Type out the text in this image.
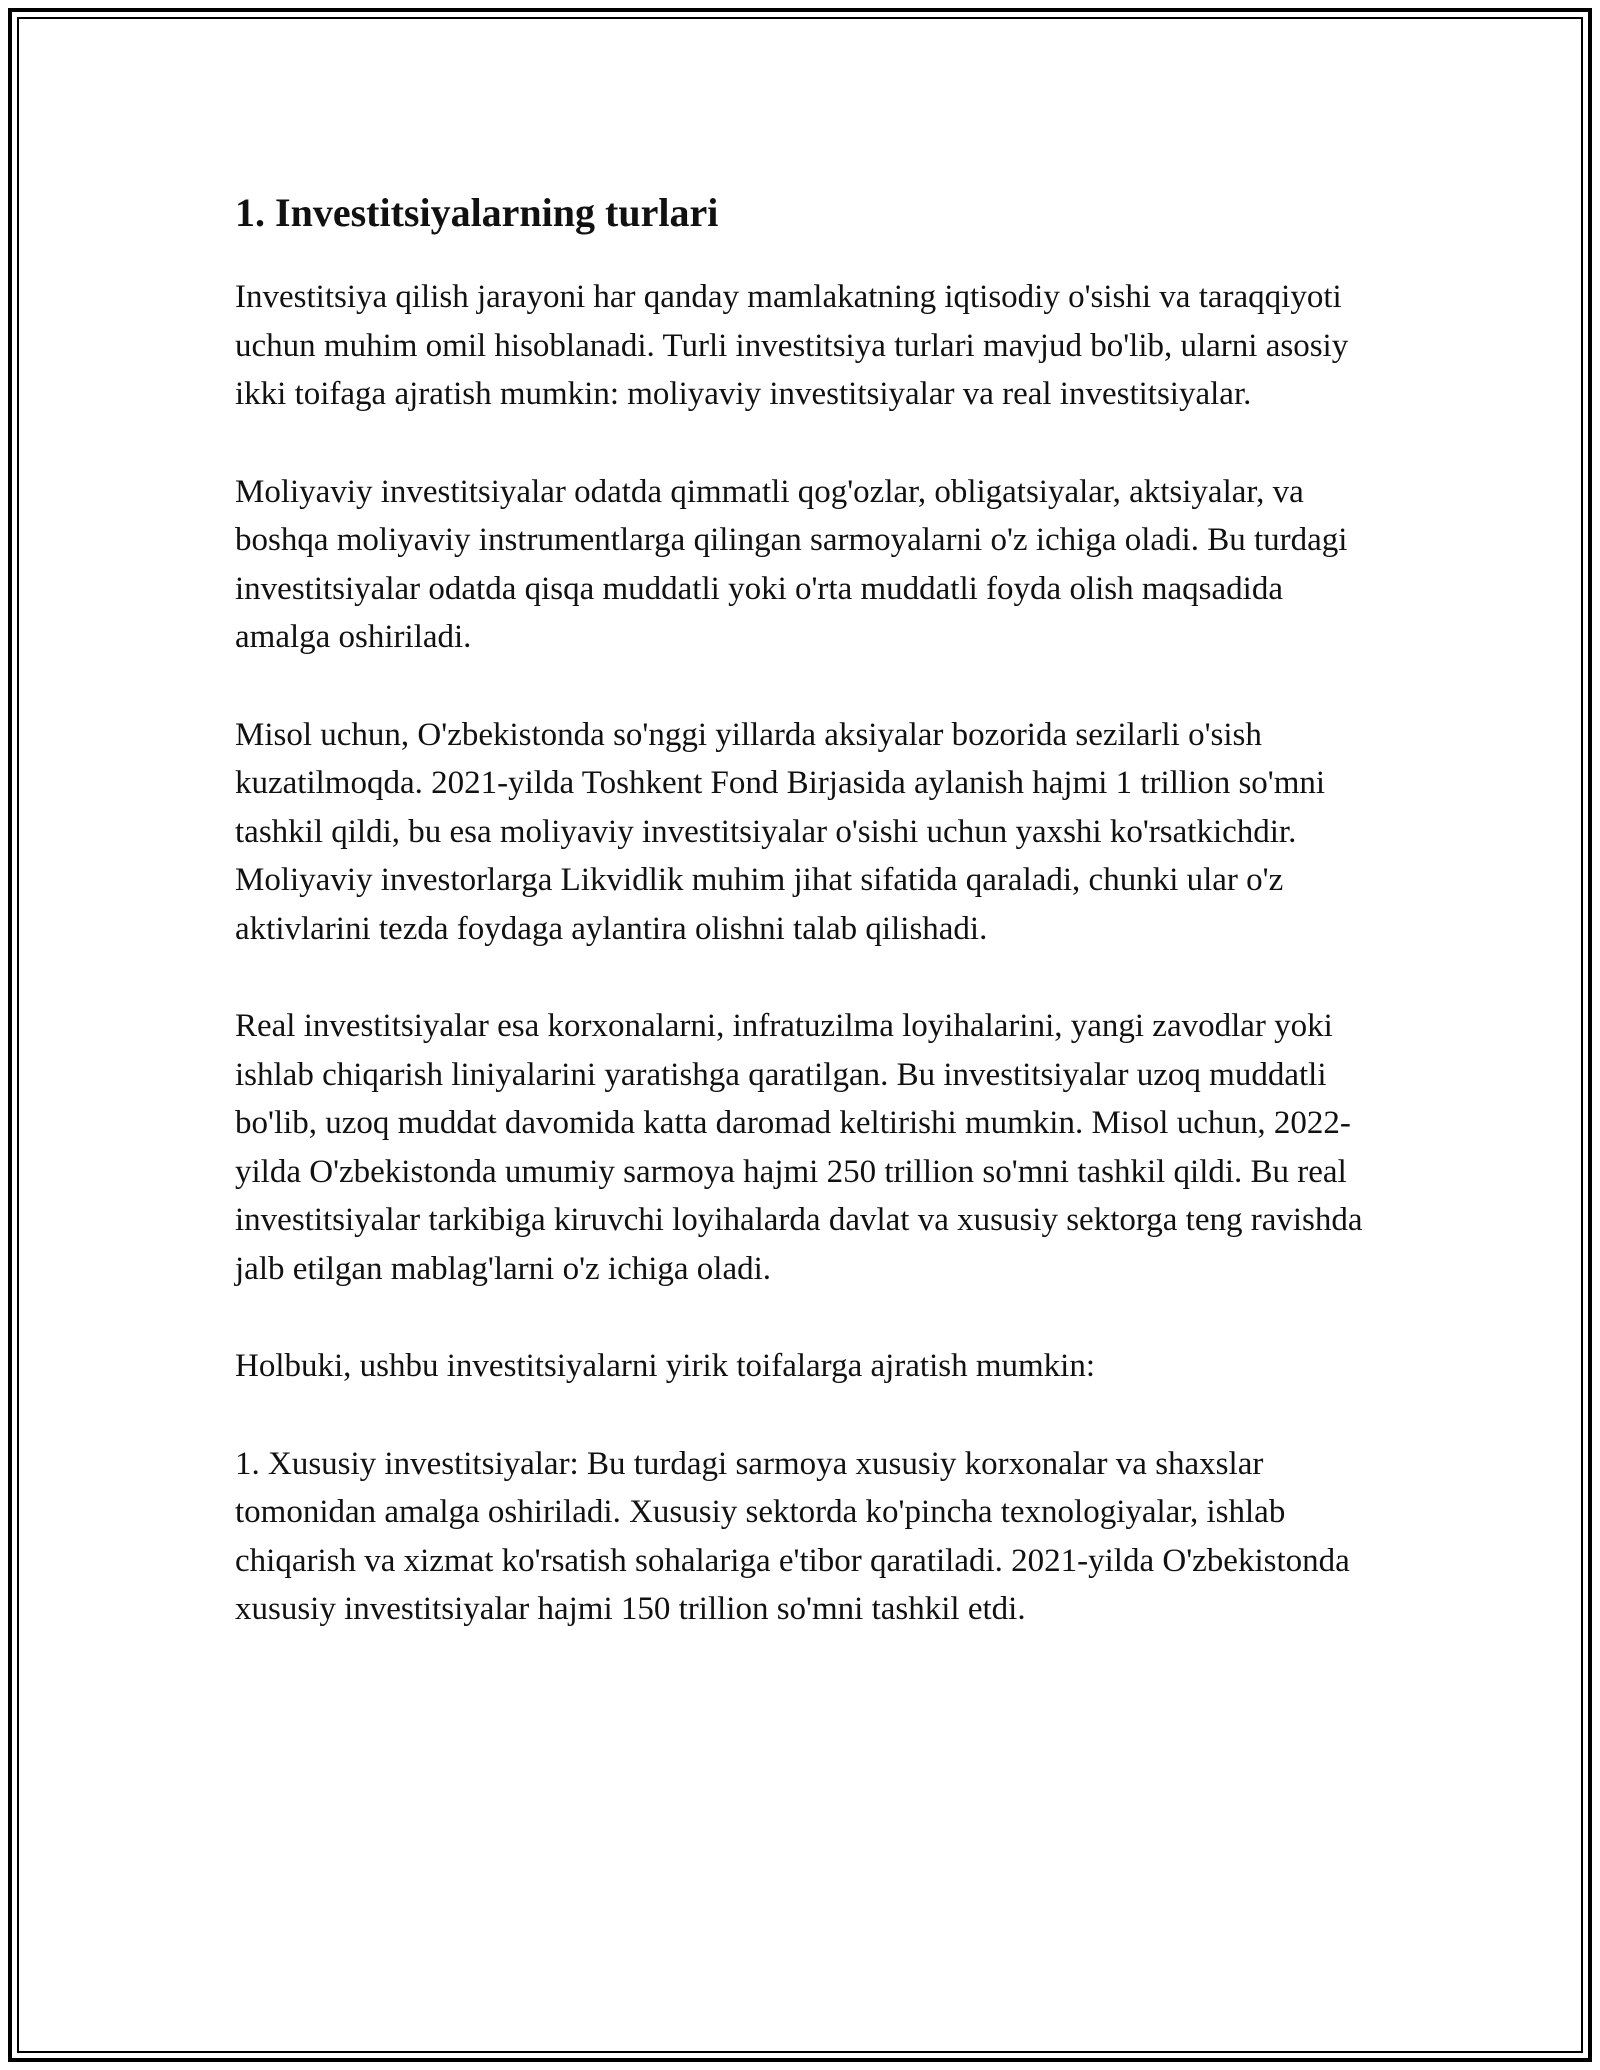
1. Investitsiyalarning turlari

Investitsiya qilish jarayoni har qanday mamlakatning iqtisodiy o'sishi va taraqqiyoti uchun muhim omil hisoblanadi. Turli investitsiya turlari mavjud bo'lib, ularni asosiy ikki toifaga ajratish mumkin: moliyaviy investitsiyalar va real investitsiyalar.

Moliyaviy investitsiyalar odatda qimmatli qog'ozlar, obligatsiyalar, aktsiyalar, va boshqa moliyaviy instrumentlarga qilingan sarmoyalarni o'z ichiga oladi. Bu turdagi investitsiyalar odatda qisqa muddatli yoki o'rta muddatli foyda olish maqsadida amalga oshiriladi.

Misol uchun, O'zbekistonda so'nggi yillarda aksiyalar bozorida sezilarli o'sish kuzatilmoqda. 2021-yilda Toshkent Fond Birjasida aylanish hajmi 1 trillion so'mni tashkil qildi, bu esa moliyaviy investitsiyalar o'sishi uchun yaxshi ko'rsatkichdir. Moliyaviy investorlarga Likvidlik muhim jihat sifatida qaraladi, chunki ular o'z aktivlarini tezda foydaga aylantira olishni talab qilishadi.

Real investitsiyalar esa korxonalarni, infratuzilma loyihalarini, yangi zavodlar yoki ishlab chiqarish liniyalarini yaratishga qaratilgan. Bu investitsiyalar uzoq muddatli bo'lib, uzoq muddat davomida katta daromad keltirishi mumkin. Misol uchun, 2022-yilda O'zbekistonda umumiy sarmoya hajmi 250 trillion so'mni tashkil qildi. Bu real investitsiyalar tarkibiga kiruvchi loyihalarda davlat va xususiy sektorga teng ravishda jalb etilgan mablag'larni o'z ichiga oladi.

Holbuki, ushbu investitsiyalarni yirik toifalarga ajratish mumkin:

1. Xususiy investitsiyalar: Bu turdagi sarmoya xususiy korxonalar va shaxslar tomonidan amalga oshiriladi. Xususiy sektorda ko'pincha texnologiyalar, ishlab chiqarish va xizmat ko'rsatish sohalariga e'tibor qaratiladi. 2021-yilda O'zbekistonda xususiy investitsiyalar hajmi 150 trillion so'mni tashkil etdi.
